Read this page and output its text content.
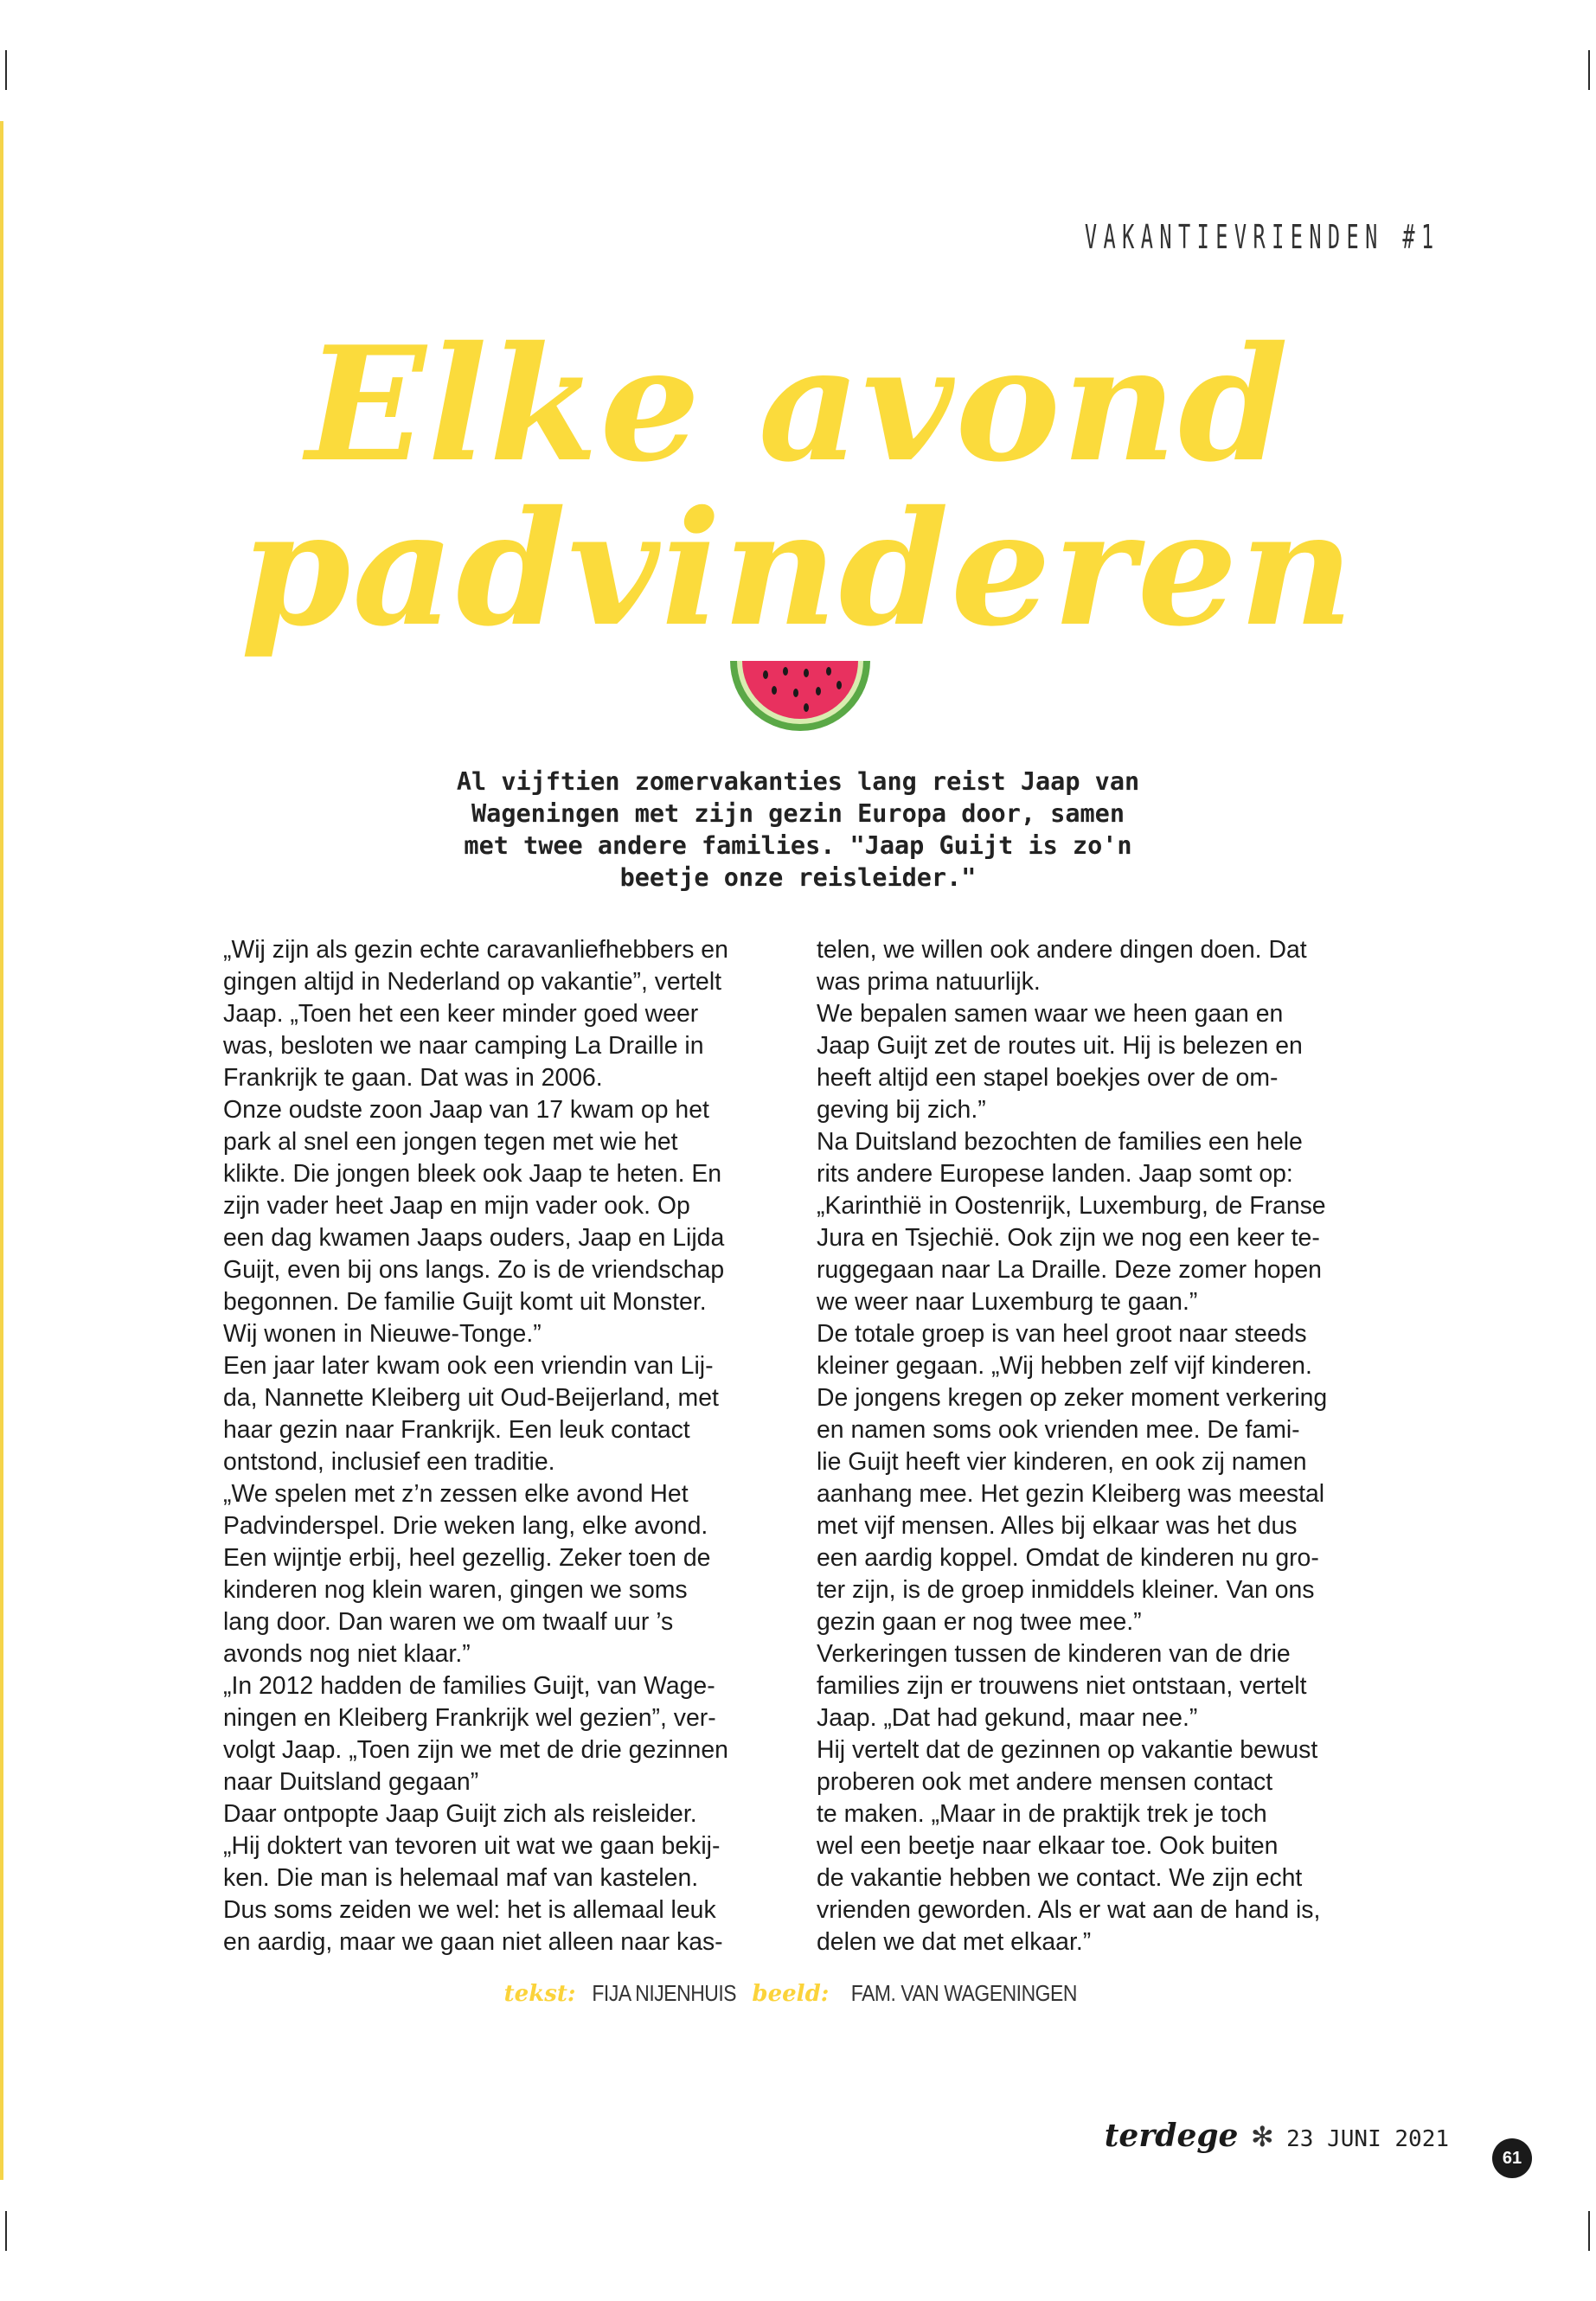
VAKANTIEVRIENDEN #1
Elke avond
padvinderen
Al vijftien zomervakanties lang reist Jaap van
Wageningen met zijn gezin Europa door, samen
met twee andere families. "Jaap Guijt is zo'n
beetje onze reisleider."
„Wij zijn als gezin echte caravanliefhebbers en
gingen altijd in Nederland op vakantie”, vertelt
Jaap. „Toen het een keer minder goed weer
was, besloten we naar camping La Draille in
Frankrijk te gaan. Dat was in 2006.
Onze oudste zoon Jaap van 17 kwam op het
park al snel een jongen tegen met wie het
klikte. Die jongen bleek ook Jaap te heten. En
zijn vader heet Jaap en mijn vader ook. Op
een dag kwamen Jaaps ouders, Jaap en Lijda
Guijt, even bij ons langs. Zo is de vriendschap
begonnen. De familie Guijt komt uit Monster.
Wij wonen in Nieuwe-Tonge.”
Een jaar later kwam ook een vriendin van Lij-
da, Nannette Kleiberg uit Oud-Beijerland, met
haar gezin naar Frankrijk. Een leuk contact
ontstond, inclusief een traditie.
„We spelen met z’n zessen elke avond Het
Padvinderspel. Drie weken lang, elke avond.
Een wijntje erbij, heel gezellig. Zeker toen de
kinderen nog klein waren, gingen we soms
lang door. Dan waren we om twaalf uur ’s
avonds nog niet klaar.”
„In 2012 hadden de families Guijt, van Wage-
ningen en Kleiberg Frankrijk wel gezien”, ver-
volgt Jaap. „Toen zijn we met de drie gezinnen
naar Duitsland gegaan”
Daar ontpopte Jaap Guijt zich als reisleider.
„Hij doktert van tevoren uit wat we gaan bekij-
ken. Die man is helemaal maf van kastelen.
Dus soms zeiden we wel: het is allemaal leuk
en aardig, maar we gaan niet alleen naar kas-
telen, we willen ook andere dingen doen. Dat
was prima natuurlijk.
We bepalen samen waar we heen gaan en
Jaap Guijt zet de routes uit. Hij is belezen en
heeft altijd een stapel boekjes over de om-
geving bij zich.”
Na Duitsland bezochten de families een hele
rits andere Europese landen. Jaap somt op:
„Karinthië in Oostenrijk, Luxemburg, de Franse
Jura en Tsjechië. Ook zijn we nog een keer te-
ruggegaan naar La Draille. Deze zomer hopen
we weer naar Luxemburg te gaan.”
De totale groep is van heel groot naar steeds
kleiner gegaan. „Wij hebben zelf vijf kinderen.
De jongens kregen op zeker moment verkering
en namen soms ook vrienden mee. De fami-
lie Guijt heeft vier kinderen, en ook zij namen
aanhang mee. Het gezin Kleiberg was meestal
met vijf mensen. Alles bij elkaar was het dus
een aardig koppel. Omdat de kinderen nu gro-
ter zijn, is de groep inmiddels kleiner. Van ons
gezin gaan er nog twee mee.”
Verkeringen tussen de kinderen van de drie
families zijn er trouwens niet ontstaan, vertelt
Jaap. „Dat had gekund, maar nee.”
Hij vertelt dat de gezinnen op vakantie bewust
proberen ook met andere mensen contact
te maken. „Maar in de praktijk trek je toch
wel een beetje naar elkaar toe. Ook buiten
de vakantie hebben we contact. We zijn echt
vrienden geworden. Als er wat aan de hand is,
delen we dat met elkaar.”
tekst: FIJA NIJENHUIS beeld: FAM. VAN WAGENINGEN
terdege ✻ 23 JUNI 2021
61
